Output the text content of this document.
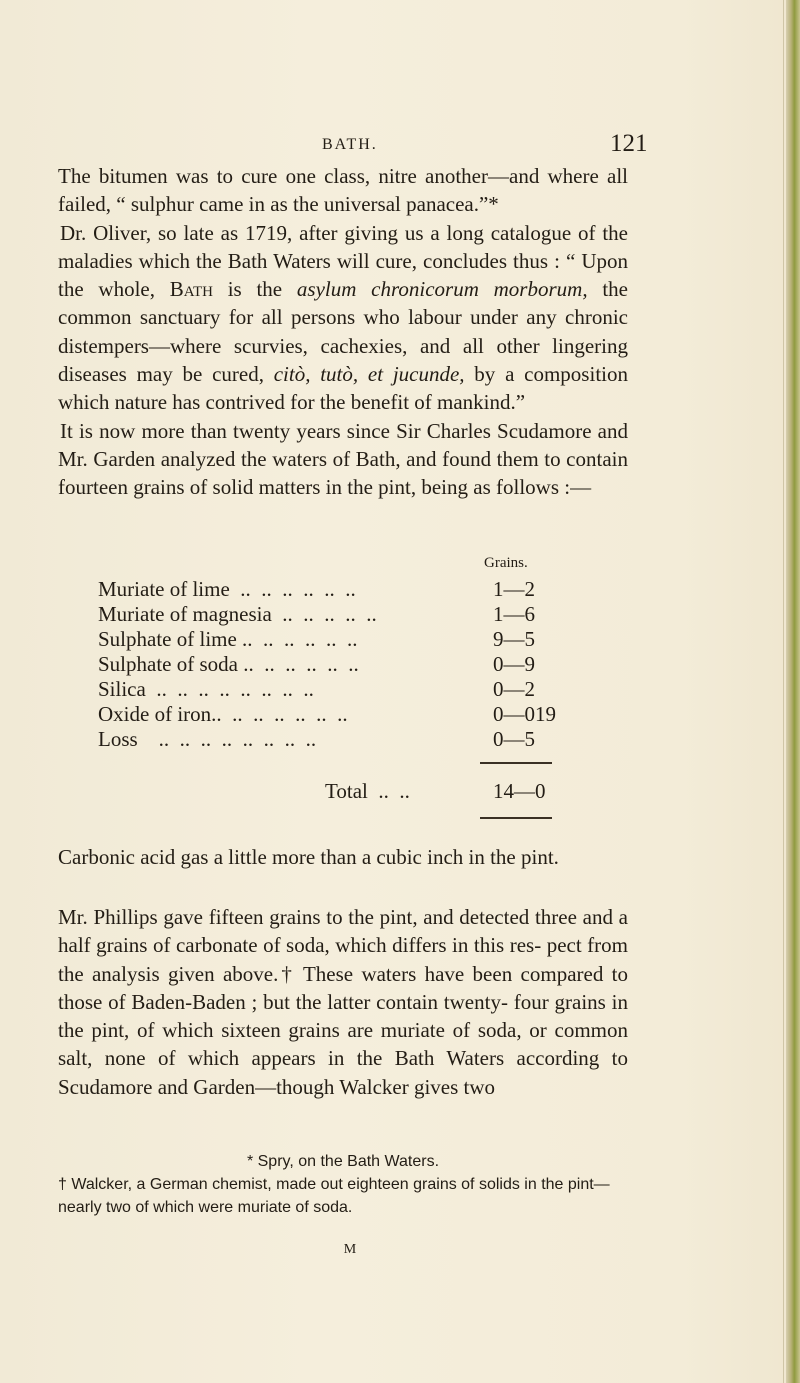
BATH.	121

The bitumen was to cure one class, nitre another—and where all failed, “ sulphur came in as the universal panacea.”*

Dr. Oliver, so late as 1719, after giving us a long catalogue of the maladies which the Bath Waters will cure, concludes thus : “ Upon the whole, Bath is the asylum chronicorum morborum, the common sanctuary for all persons who labour under any chronic distempers—where scurvies, cachexies, and all other lingering diseases may be cured, citò, tutò, et jucunde, by a composition which nature has contrived for the benefit of mankind.”

It is now more than twenty years since Sir Charles Scudamore and Mr. Garden analyzed the waters of Bath, and found them to contain fourteen grains of solid matters in the pint, being as follows :—

Grains.
Muriate of lime  ..  ..  ..  ..  ..  ..	1—2
Muriate of magnesia  ..  ..  ..  ..  ..	1—6
Sulphate of lime ..  ..  ..  ..  ..  ..	9—5
Sulphate of soda ..  ..  ..  ..  ..  ..	0—9
Silica  ..  ..  ..  ..  ..  ..  ..  ..	0—2
Oxide of iron..  ..  ..  ..  ..  ..  ..	0—019
Loss    ..  ..  ..  ..  ..  ..  ..  ..	0—5
Total  ..  ..	14—0

Carbonic acid gas a little more than a cubic inch in the pint.

Mr. Phillips gave fifteen grains to the pint, and detected three and a half grains of carbonate of soda, which differs in this res- pect from the analysis given above.† These waters have been compared to those of Baden-Baden ; but the latter contain twenty- four grains in the pint, of which sixteen grains are muriate of soda, or common salt, none of which appears in the Bath Waters according to Scudamore and Garden—though Walcker gives two

* Spry, on the Bath Waters.
† Walcker, a German chemist, made out eighteen grains of solids in the pint—nearly two of which were muriate of soda.
M
